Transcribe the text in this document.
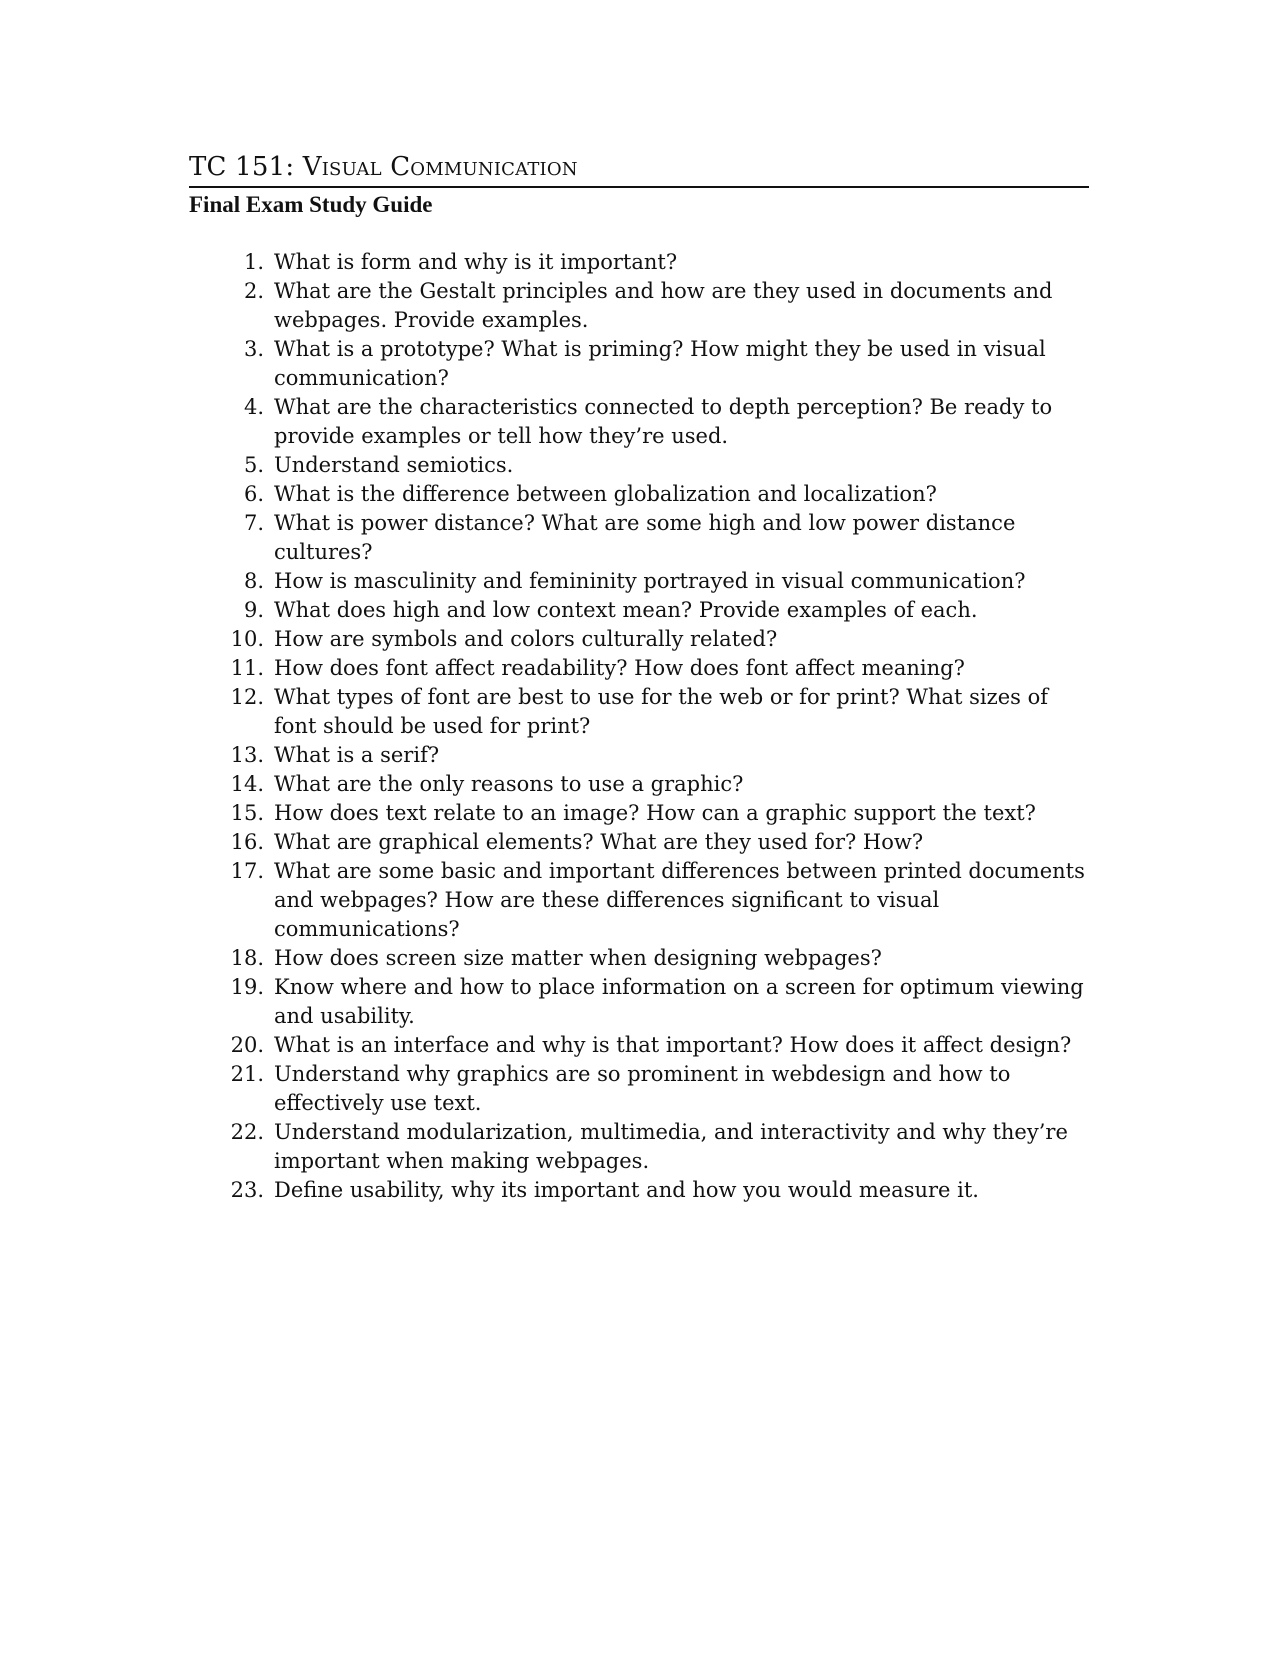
TC 151: Visual Communication
Final Exam Study Guide
1. What is form and why is it important?
2. What are the Gestalt principles and how are they used in documents and webpages. Provide examples.
3. What is a prototype? What is priming? How might they be used in visual communication?
4. What are the characteristics connected to depth perception? Be ready to provide examples or tell how they’re used.
5. Understand semiotics.
6. What is the difference between globalization and localization?
7. What is power distance? What are some high and low power distance cultures?
8. How is masculinity and femininity portrayed in visual communication?
9. What does high and low context mean? Provide examples of each.
10. How are symbols and colors culturally related?
11. How does font affect readability? How does font affect meaning?
12. What types of font are best to use for the web or for print? What sizes of font should be used for print?
13. What is a serif?
14. What are the only reasons to use a graphic?
15. How does text relate to an image? How can a graphic support the text?
16. What are graphical elements? What are they used for? How?
17. What are some basic and important differences between printed documents and webpages? How are these differences significant to visual communications?
18. How does screen size matter when designing webpages?
19. Know where and how to place information on a screen for optimum viewing and usability.
20. What is an interface and why is that important? How does it affect design?
21. Understand why graphics are so prominent in webdesign and how to effectively use text.
22. Understand modularization, multimedia, and interactivity and why they’re important when making webpages.
23. Define usability, why its important and how you would measure it.
